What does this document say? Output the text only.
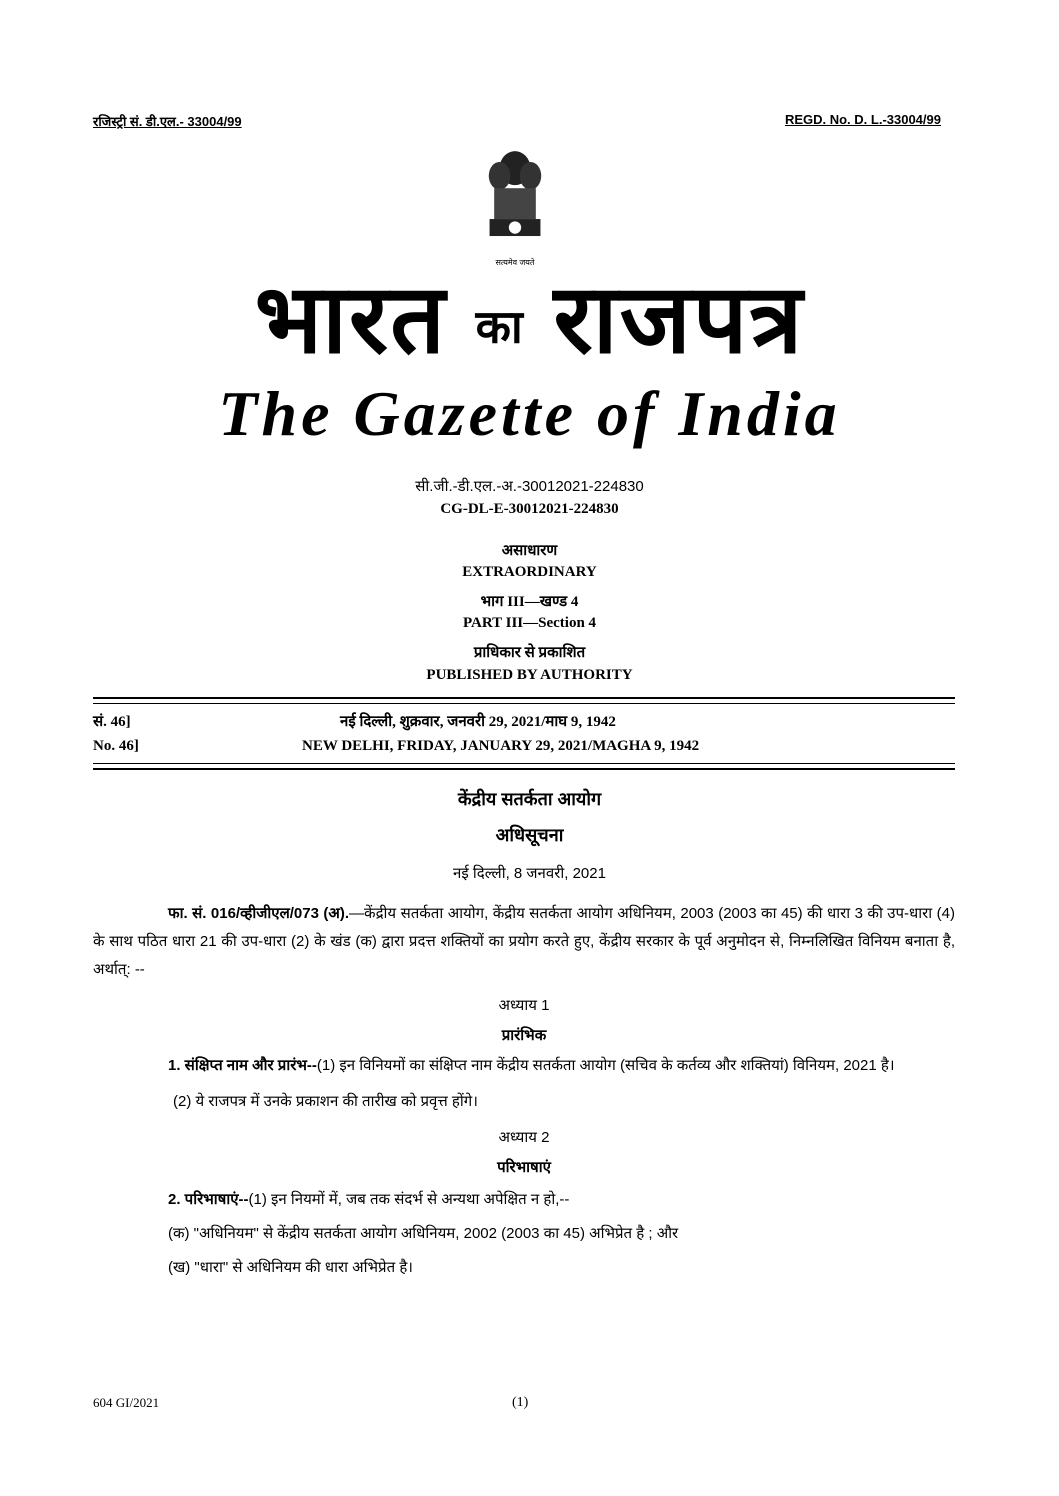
रजिस्ट्री सं. डी.एल.- 33004/99	REGD. No. D. L.-33004/99
सत्यमेव जयते
भारत का राजपत्र
The Gazette of India
सी.जी.-डी.एल.-अ.-30012021-224830
CG-DL-E-30012021-224830
असाधारण
EXTRAORDINARY
भाग III—खण्ड 4
PART III—Section 4
प्राधिकार से प्रकाशित
PUBLISHED BY AUTHORITY
सं. 46]	नई दिल्ली, शुक्रवार, जनवरी 29, 2021/माघ 9, 1942
No. 46]	NEW DELHI, FRIDAY, JANUARY 29, 2021/MAGHA 9, 1942
केंद्रीय सतर्कता आयोग
अधिसूचना
नई दिल्ली, 8 जनवरी, 2021

फा. सं. 016/व्हीजीएल/073 (अ).—केंद्रीय सतर्कता आयोग, केंद्रीय सतर्कता आयोग अधिनियम, 2003 (2003 का 45) की धारा 3 की उप-धारा (4) के साथ पठित धारा 21 की उप-धारा (2) के खंड (क) द्वारा प्रदत्त शक्तियों का प्रयोग करते हुए, केंद्रीय सरकार के पूर्व अनुमोदन से, निम्नलिखित विनियम बनाता है, अर्थात्: --

अध्याय 1
प्रारंभिक

1. संक्षिप्त नाम और प्रारंभ--(1) इन विनियमों का संक्षिप्त नाम केंद्रीय सतर्कता आयोग (सचिव के कर्तव्य और शक्तियां) विनियम, 2021 है।

(2) ये राजपत्र में उनके प्रकाशन की तारीख को प्रवृत्त होंगे।

अध्याय 2
परिभाषाएं

2. परिभाषाएं--(1) इन नियमों में, जब तक संदर्भ से अन्यथा अपेक्षित न हो,--

(क) "अधिनियम" से केंद्रीय सतर्कता आयोग अधिनियम, 2002 (2003 का 45) अभिप्रेत है ; और

(ख) "धारा" से अधिनियम की धारा अभिप्रेत है।

604 GI/2021	(1)
